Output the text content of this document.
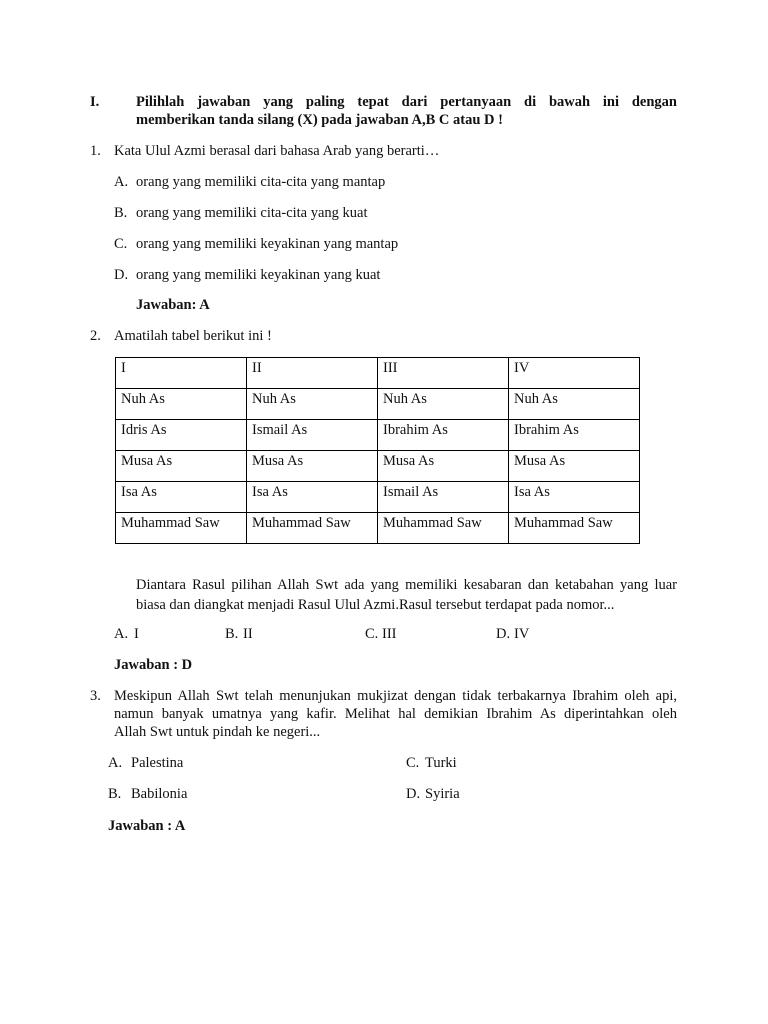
I.	Pilihlah jawaban yang paling tepat dari pertanyaan di bawah ini dengan
memberikan tanda silang (X) pada jawaban A,B C atau D !
1. Kata Ulul Azmi berasal dari bahasa Arab yang berarti…
A. orang yang memiliki cita-cita yang mantap
B. orang yang memiliki cita-cita yang kuat
C. orang yang memiliki keyakinan yang mantap
D. orang yang memiliki keyakinan yang kuat
Jawaban: A
2. Amatilah tabel berikut ini !
I	II	III	IV
Nuh As	Nuh As	Nuh As	Nuh As
Idris As	Ismail As	Ibrahim As	Ibrahim As
Musa As	Musa As	Musa As	Musa As
Isa As	Isa As	Ismail As	Isa As
Muhammad Saw	Muhammad Saw	Muhammad Saw	Muhammad Saw
Diantara Rasul pilihan Allah Swt ada yang memiliki kesabaran dan ketabahan yang luar
biasa dan diangkat menjadi Rasul Ulul Azmi.Rasul tersebut terdapat pada nomor...
A. I	B. II	C. III	D. IV
Jawaban : D
3. Meskipun Allah Swt telah menunjukan mukjizat dengan tidak terbakarnya Ibrahim oleh api,
namun banyak umatnya yang kafir. Melihat hal demikian Ibrahim As diperintahkan oleh
Allah Swt untuk pindah ke negeri...
A. Palestina
B. Babilonia
C. Turki
D. Syiria
Jawaban : A
